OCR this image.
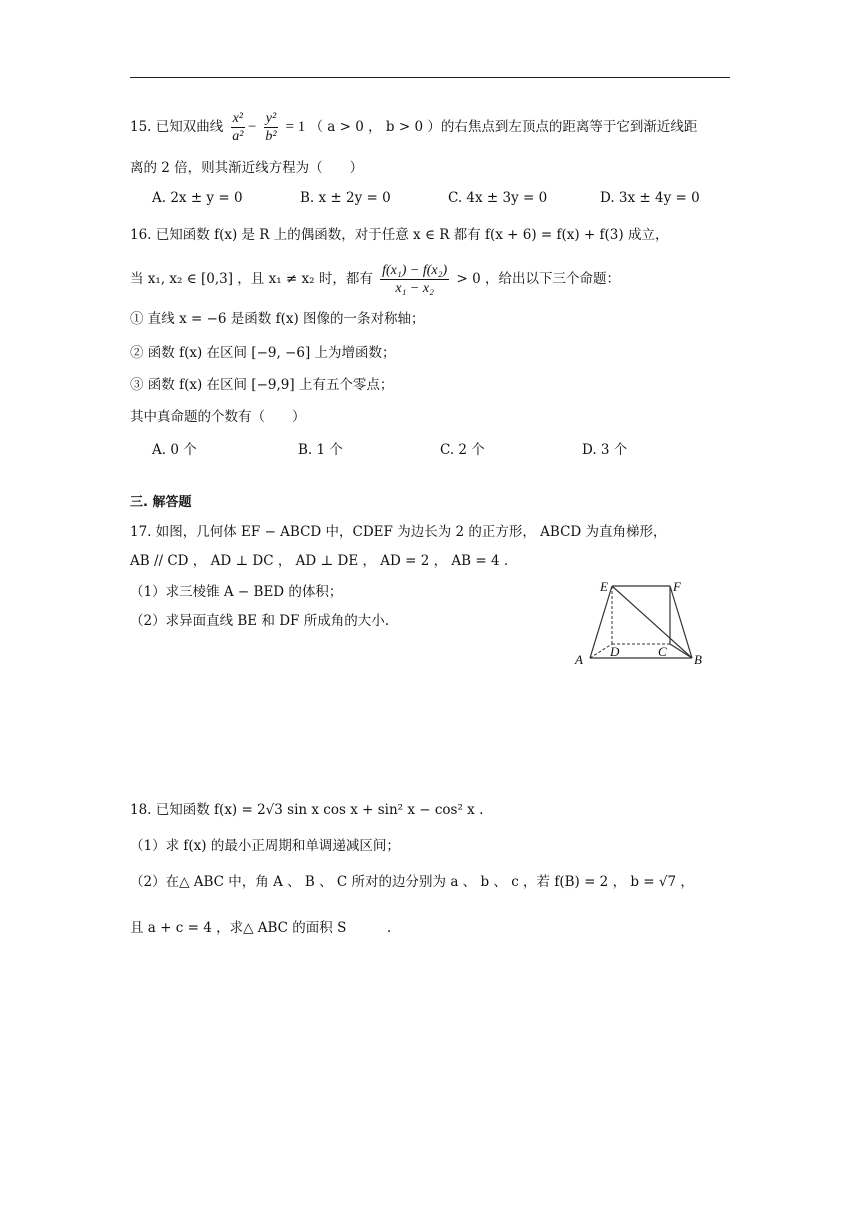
15. 已知双曲线 $\frac{\text{x²}}{\text{a²}} - \frac{\text{y²}}{\text{b²}} = 1$ （ a > 0 ， b > 0 ）的右焦点到左顶点的距离等于它到渐近线距
离的 2 倍，则其渐近线方程为（　　）
A. 2x ± y = 0	B. x ± 2y = 0	C. 4x ± 3y = 0	D. 3x ± 4y = 0
16. 已知函数 f(x) 是 R 上的偶函数，对于任意 x ∈ R 都有 f(x + 6) = f(x) + f(3) 成立，
当 x₁, x₂ ∈ [0,3] ，且 x₁ ≠ x₂ 时，都有 $\frac{\text{f(x₁) − f(x₂)}}{\text{x₁ − x₂}} > 0$ ，给出以下三个命题：
① 直线 x = −6 是函数 f(x) 图像的一条对称轴；
② 函数 f(x) 在区间 [−9, −6] 上为增函数；
③ 函数 f(x) 在区间 [−9,9] 上有五个零点；
其中真命题的个数有（　　）
A. 0 个	B. 1 个	C. 2 个	D. 3 个
三. 解答题
17. 如图，几何体 EF − ABCD 中，CDEF 为边长为 2 的正方形， ABCD 为直角梯形，
AB // CD ， AD ⊥ DC ， AD ⊥ DE ， AD = 2 ， AB = 4 .
（1）求三棱锥 A − BED 的体积；
（2）求异面直线 BE 和 DF 所成角的大小.
E	F
A
D	C
B
18. 已知函数 f(x) = 2√3 sin x cos x + sin² x − cos² x .
（1）求 f(x) 的最小正周期和单调递减区间；
（2）在△ ABC 中，角 A 、 B 、 C 所对的边分别为 a 、 b 、 c ，若 f(B) = 2 ， b = √7 ，
且 a + c = 4 ，求△ ABC 的面积 S　　　.
